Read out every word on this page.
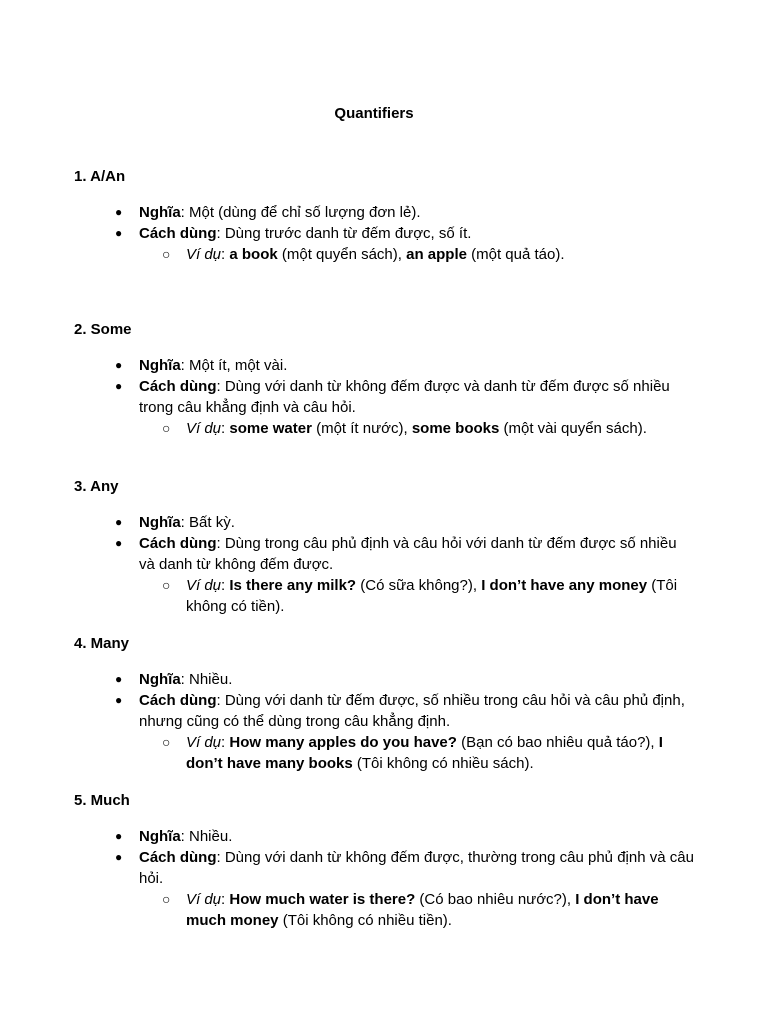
Quantifiers
1. A/An
● Nghĩa: Một (dùng để chỉ số lượng đơn lẻ).
● Cách dùng: Dùng trước danh từ đếm được, số ít.
○ Ví dụ: a book (một quyển sách), an apple (một quả táo).
2. Some
● Nghĩa: Một ít, một vài.
● Cách dùng: Dùng với danh từ không đếm được và danh từ đếm được số nhiều trong câu khẳng định và câu hỏi.
○ Ví dụ: some water (một ít nước), some books (một vài quyển sách).
3. Any
● Nghĩa: Bất kỳ.
● Cách dùng: Dùng trong câu phủ định và câu hỏi với danh từ đếm được số nhiều và danh từ không đếm được.
○ Ví dụ: Is there any milk? (Có sữa không?), I don’t have any money (Tôi không có tiền).
4. Many
● Nghĩa: Nhiều.
● Cách dùng: Dùng với danh từ đếm được, số nhiều trong câu hỏi và câu phủ định, nhưng cũng có thể dùng trong câu khẳng định.
○ Ví dụ: How many apples do you have? (Bạn có bao nhiêu quả táo?), I don’t have many books (Tôi không có nhiều sách).
5. Much
● Nghĩa: Nhiều.
● Cách dùng: Dùng với danh từ không đếm được, thường trong câu phủ định và câu hỏi.
○ Ví dụ: How much water is there? (Có bao nhiêu nước?), I don’t have much money (Tôi không có nhiều tiền).
